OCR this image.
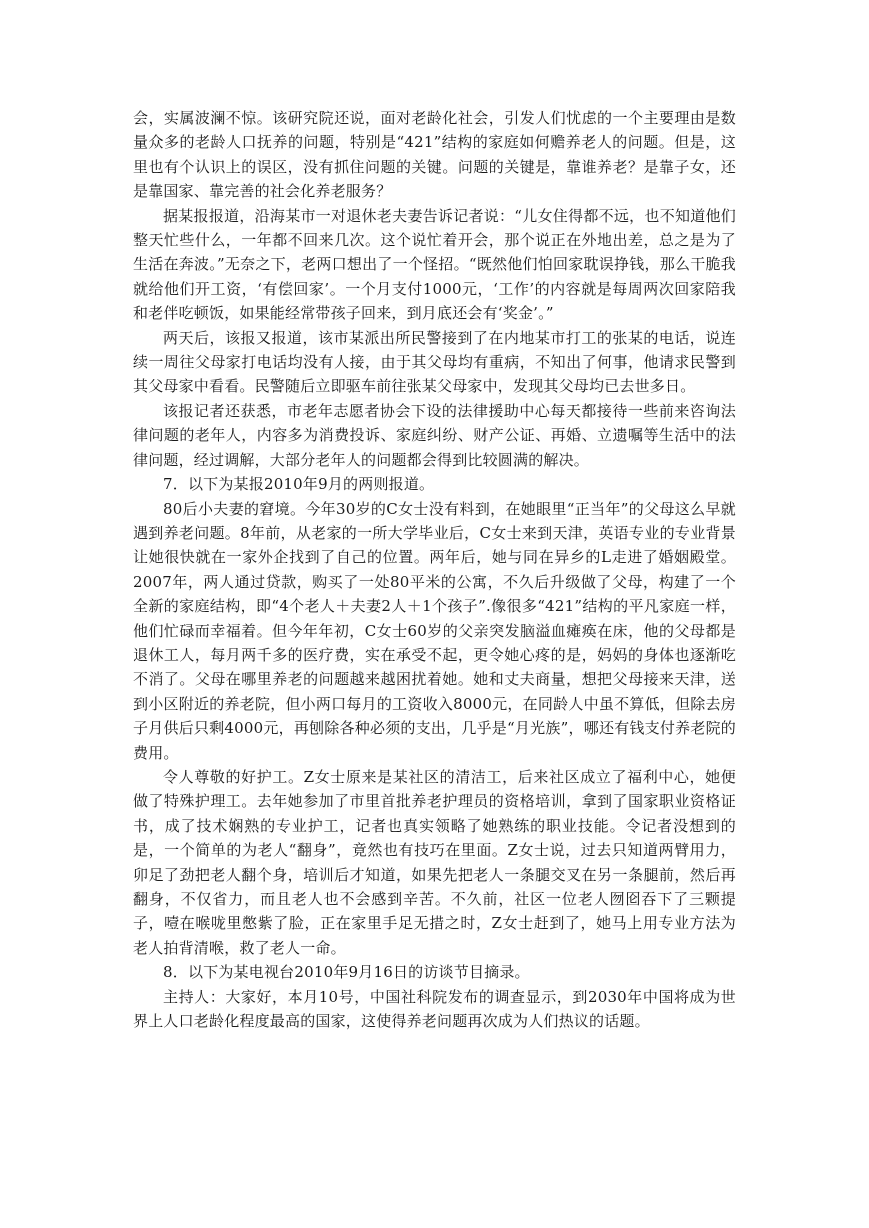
会，实属波澜不惊。该研究院还说，面对老龄化社会，引发人们忧虑的一个主要理由是数量众多的老龄人口抚养的问题，特别是“421”结构的家庭如何赡养老人的问题。但是，这里也有个认识上的误区，没有抓住问题的关键。问题的关键是，靠谁养老？是靠子女，还是靠国家、靠完善的社会化养老服务？

据某报报道，沿海某市一对退休老夫妻告诉记者说：“儿女住得都不远，也不知道他们整天忙些什么，一年都不回来几次。这个说忙着开会，那个说正在外地出差，总之是为了生活在奔波。”无奈之下，老两口想出了一个怪招。“既然他们怕回家耽误挣钱，那么干脆我就给他们开工资，‘有偿回家’。一个月支付1000元，‘工作’的内容就是每周两次回家陪我和老伴吃顿饭，如果能经常带孩子回来，到月底还会有‘奖金’。”

两天后，该报又报道，该市某派出所民警接到了在内地某市打工的张某的电话，说连续一周往父母家打电话均没有人接，由于其父母均有重病，不知出了何事，他请求民警到其父母家中看看。民警随后立即驱车前往张某父母家中，发现其父母均已去世多日。

该报记者还获悉，市老年志愿者协会下设的法律援助中心每天都接待一些前来咨询法律问题的老年人，内容多为消费投诉、家庭纠纷、财产公证、再婚、立遗嘱等生活中的法律问题，经过调解，大部分老年人的问题都会得到比较圆满的解决。

7．以下为某报2010年9月的两则报道。

80后小夫妻的窘境。今年30岁的C女士没有料到，在她眼里“正当年”的父母这么早就遇到养老问题。8年前，从老家的一所大学毕业后，C女士来到天津，英语专业的专业背景让她很快就在一家外企找到了自己的位置。两年后，她与同在异乡的L走进了婚姻殿堂。2007年，两人通过贷款，购买了一处80平米的公寓，不久后升级做了父母，构建了一个全新的家庭结构，即“4个老人＋夫妻2人＋1个孩子”.像很多“421”结构的平凡家庭一样，他们忙碌而幸福着。但今年年初，C女士60岁的父亲突发脑溢血瘫痪在床，他的父母都是退休工人，每月两千多的医疗费，实在承受不起，更令她心疼的是，妈妈的身体也逐渐吃不消了。父母在哪里养老的问题越来越困扰着她。她和丈夫商量，想把父母接来天津，送到小区附近的养老院，但小两口每月的工资收入8000元，在同龄人中虽不算低，但除去房子月供后只剩4000元，再刨除各种必须的支出，几乎是“月光族”，哪还有钱支付养老院的费用。

令人尊敬的好护工。Z女士原来是某社区的清洁工，后来社区成立了福利中心，她便做了特殊护理工。去年她参加了市里首批养老护理员的资格培训，拿到了国家职业资格证书，成了技术娴熟的专业护工，记者也真实领略了她熟练的职业技能。令记者没想到的是，一个简单的为老人“翻身”，竟然也有技巧在里面。Z女士说，过去只知道两臂用力，卯足了劲把老人翻个身，培训后才知道，如果先把老人一条腿交叉在另一条腿前，然后再翻身，不仅省力，而且老人也不会感到辛苦。不久前，社区一位老人囫囵吞下了三颗提子，噎在喉咙里憋紫了脸，正在家里手足无措之时，Z女士赶到了，她马上用专业方法为老人拍背清喉，救了老人一命。

8．以下为某电视台2010年9月16日的访谈节目摘录。

主持人：大家好，本月10号，中国社科院发布的调查显示，到2030年中国将成为世界上人口老龄化程度最高的国家，这使得养老问题再次成为人们热议的话题。
